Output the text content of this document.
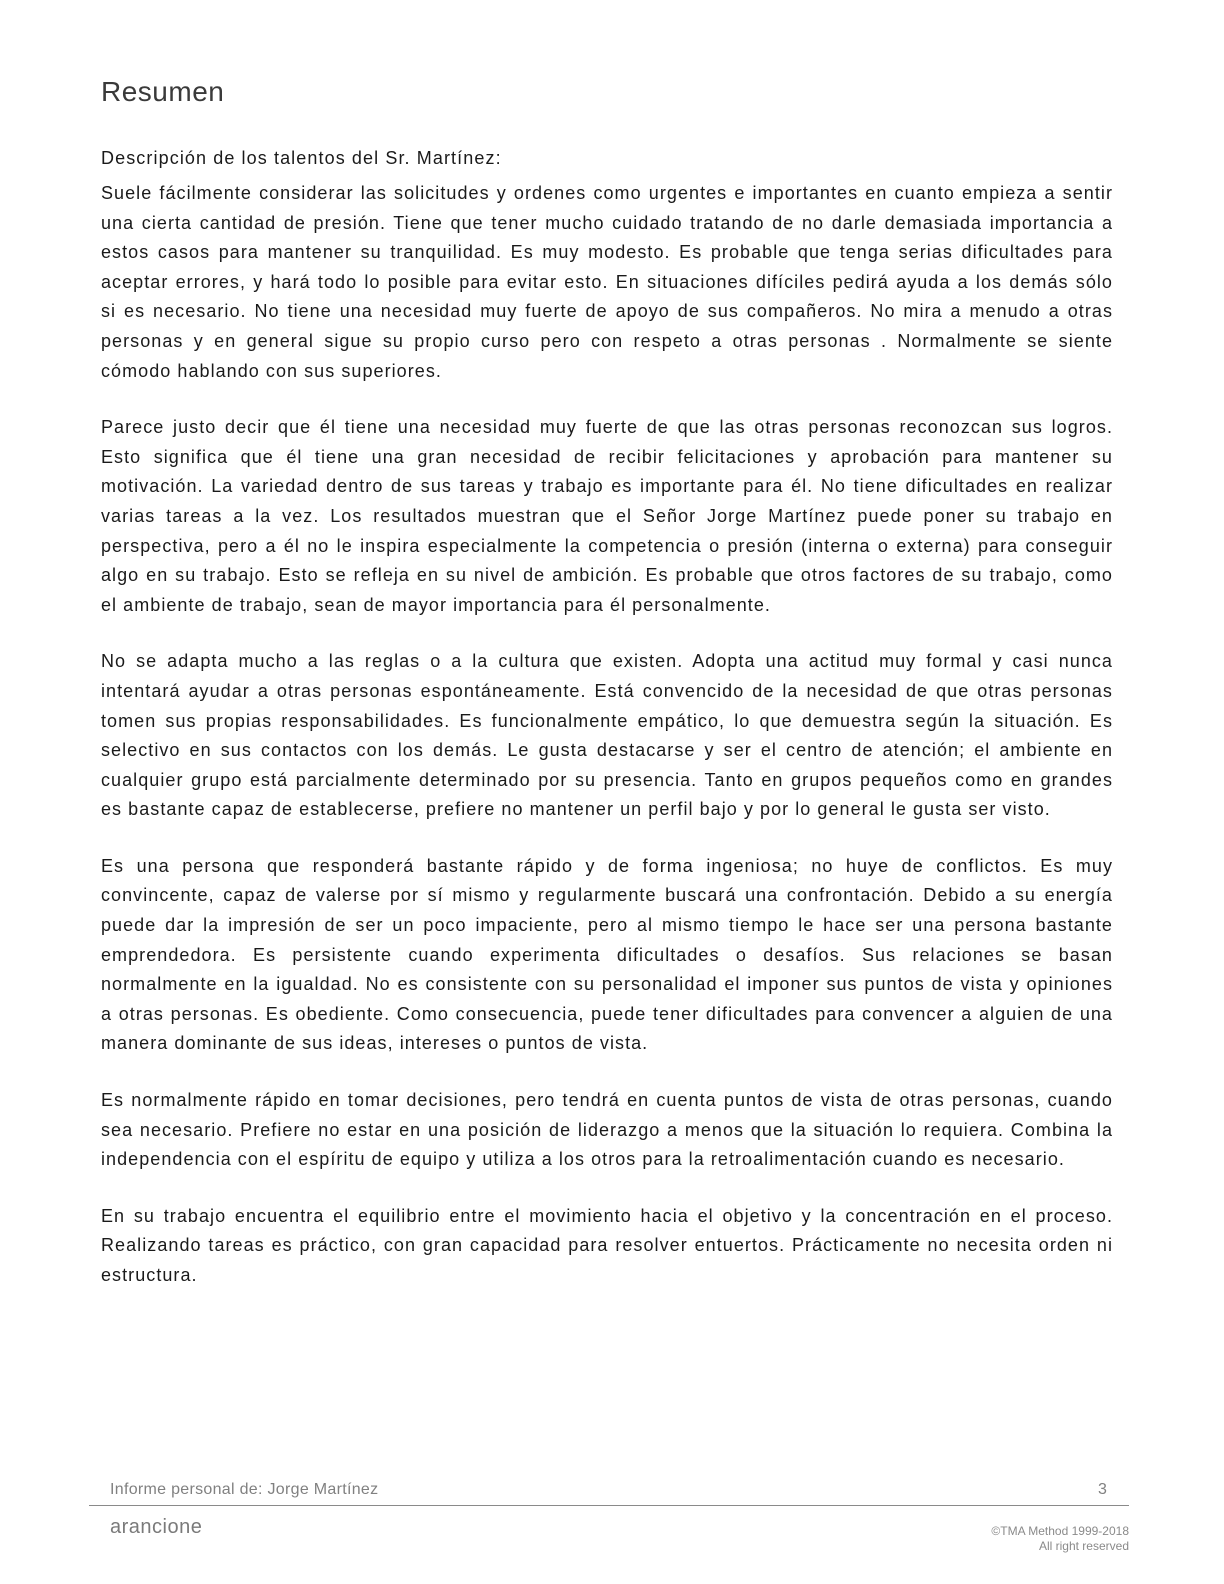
Resumen

Descripción de los talentos del Sr. Martínez:

Suele fácilmente considerar las solicitudes y ordenes como urgentes e importantes en cuanto empieza a sentir una cierta cantidad de presión. Tiene que tener mucho cuidado tratando de no darle demasiada importancia a estos casos para mantener su tranquilidad. Es muy modesto. Es probable que tenga serias dificultades para aceptar errores, y hará todo lo posible para evitar esto. En situaciones difíciles pedirá ayuda a los demás sólo si es necesario. No tiene una necesidad muy fuerte de apoyo de sus compañeros. No mira a menudo a otras personas y en general sigue su propio curso pero con respeto a otras personas . Normalmente se siente cómodo hablando con sus superiores.

Parece justo decir que él tiene una necesidad muy fuerte de que las otras personas reconozcan sus logros. Esto significa que él tiene una gran necesidad de recibir felicitaciones y aprobación para mantener su motivación. La variedad dentro de sus tareas y trabajo es importante para él. No tiene dificultades en realizar varias tareas a la vez. Los resultados muestran que el Señor Jorge Martínez puede poner su trabajo en perspectiva, pero a él no le inspira especialmente la competencia o presión (interna o externa) para conseguir algo en su trabajo. Esto se refleja en su nivel de ambición. Es probable que otros factores de su trabajo, como el ambiente de trabajo, sean de mayor importancia para él personalmente.

No se adapta mucho a las reglas o a la cultura que existen. Adopta una actitud muy formal y casi nunca intentará ayudar a otras personas espontáneamente. Está convencido de la necesidad de que otras personas tomen sus propias responsabilidades. Es funcionalmente empático, lo que demuestra según la situación. Es selectivo en sus contactos con los demás. Le gusta destacarse y ser el centro de atención; el ambiente en cualquier grupo está parcialmente determinado por su presencia. Tanto en grupos pequeños como en grandes es bastante capaz de establecerse, prefiere no mantener un perfil bajo y por lo general le gusta ser visto.

Es una persona que responderá bastante rápido y de forma ingeniosa; no huye de conflictos. Es muy convincente, capaz de valerse por sí mismo y regularmente buscará una confrontación. Debido a su energía puede dar la impresión de ser un poco impaciente, pero al mismo tiempo le hace ser una persona bastante emprendedora. Es persistente cuando experimenta dificultades o desafíos. Sus relaciones se basan normalmente en la igualdad. No es consistente con su personalidad el imponer sus puntos de vista y opiniones a otras personas. Es obediente. Como consecuencia, puede tener dificultades para convencer a alguien de una manera dominante de sus ideas, intereses o puntos de vista.

Es normalmente rápido en tomar decisiones, pero tendrá en cuenta puntos de vista de otras personas, cuando sea necesario. Prefiere no estar en una posición de liderazgo a menos que la situación lo requiera. Combina la independencia con el espíritu de equipo y utiliza a los otros para la retroalimentación cuando es necesario.

En su trabajo encuentra el equilibrio entre el movimiento hacia el objetivo y la concentración en el proceso. Realizando tareas es práctico, con gran capacidad para resolver entuertos. Prácticamente no necesita orden ni estructura.

Informe personal de: Jorge Martínez	3
arancione	©TMA Method 1999-2018
All right reserved
